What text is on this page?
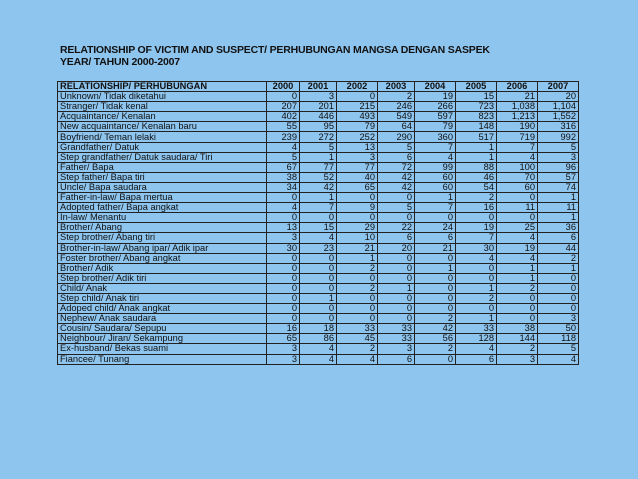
RELATIONSHIP OF VICTIM AND SUSPECT/ PERHUBUNGAN MANGSA DENGAN SASPEK
YEAR/ TAHUN 2000-2007
RELATIONSHIP/ PERHUBUNGAN	2000	2001	2002	2003	2004	2005	2006	2007
Unknown/ Tidak diketahui	0	3	0	2	19	15	21	20
Stranger/ Tidak kenal	207	201	215	246	266	723	1,038	1,104
Acquaintance/ Kenalan	402	446	493	549	597	823	1,213	1,552
New acquaintance/ Kenalan baru	55	95	79	64	79	148	190	316
Boyfriend/ Teman lelaki	239	272	252	290	360	517	719	992
Grandfather/ Datuk	4	5	13	5	7	1	7	5
Step grandfather/ Datuk saudara/ Tiri	5	1	3	6	4	1	4	3
Father/ Bapa	67	77	77	72	99	88	100	96
Step father/ Bapa tiri	38	52	40	42	60	46	70	57
Uncle/ Bapa saudara	34	42	65	42	60	54	60	74
Father-in-law/ Bapa mertua	0	1	0	0	1	2	0	1
Adopted father/ Bapa angkat	4	7	9	5	7	16	11	11
In-law/ Menantu	0	0	0	0	0	0	0	1
Brother/ Abang	13	15	29	22	24	19	25	36
Step brother/ Abang tiri	3	4	10	6	6	7	4	6
Brother-in-law/ Abang ipar/ Adik ipar	30	23	21	20	21	30	19	44
Foster brother/ Abang angkat	0	0	1	0	0	4	4	2
Brother/ Adik	0	0	2	0	1	0	1	1
Step brother/ Adik tiri	0	0	0	0	0	0	1	0
Child/ Anak	0	0	2	1	0	1	2	0
Step child/ Anak tiri	0	1	0	0	0	2	0	0
Adoped child/ Anak angkat	0	0	0	0	0	0	0	0
Nephew/ Anak saudara	0	0	0	0	2	1	0	3
Cousin/ Saudara/ Sepupu	16	18	33	33	42	33	38	50
Neighbour/ Jiran/ Sekampung	65	86	45	33	56	128	144	118
Ex-husband/ Bekas suami	3	4	2	3	2	4	2	5
Fiancee/ Tunang	3	4	4	6	0	6	3	4
